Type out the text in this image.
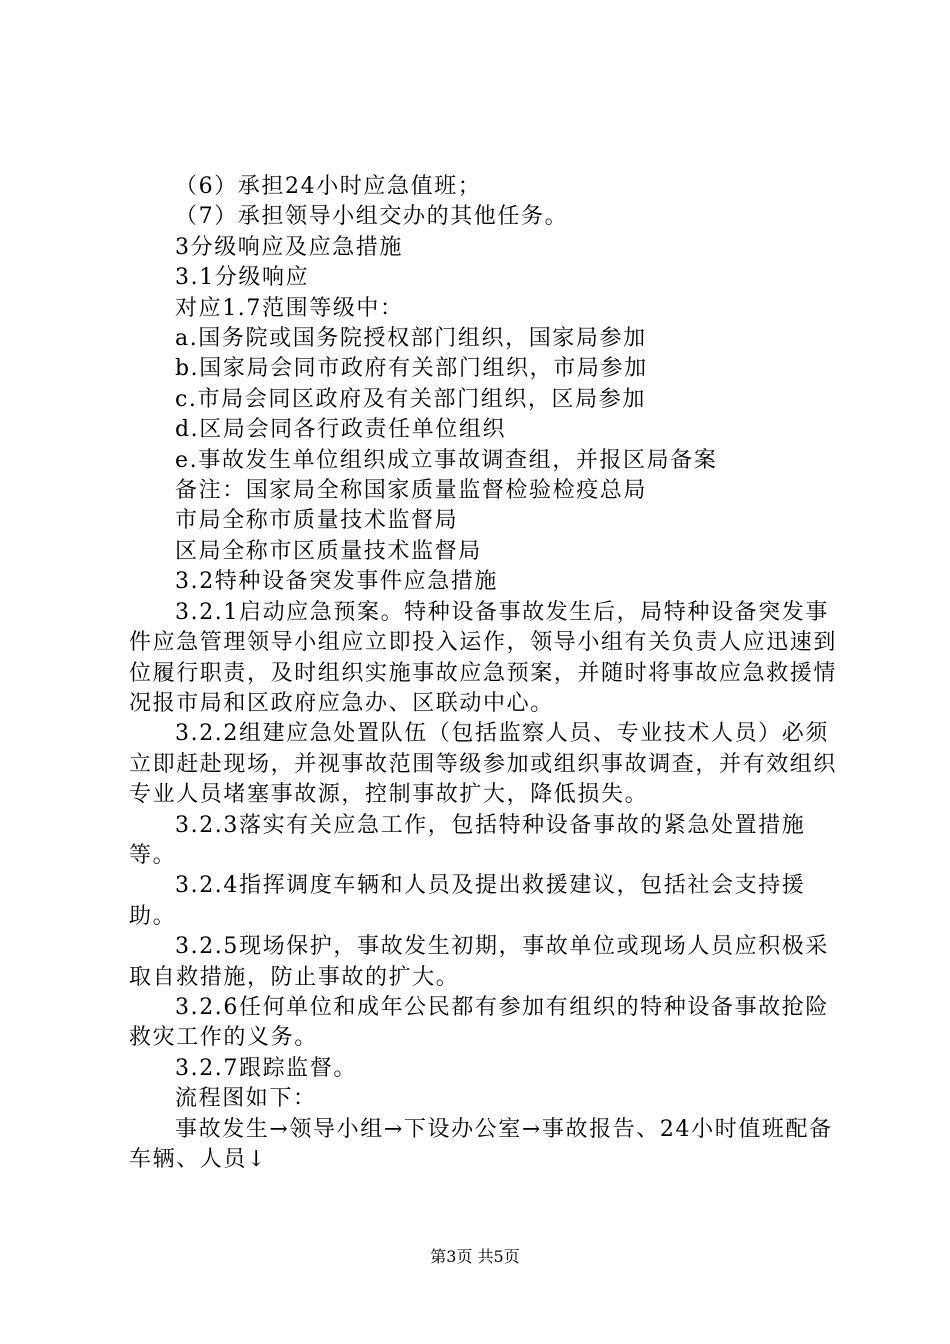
（6）承担24小时应急值班；

（7）承担领导小组交办的其他任务。

3分级响应及应急措施

3.1分级响应

对应1.7范围等级中：

a.国务院或国务院授权部门组织，国家局参加

b.国家局会同市政府有关部门组织，市局参加

c.市局会同区政府及有关部门组织，区局参加

d.区局会同各行政责任单位组织

e.事故发生单位组织成立事故调查组，并报区局备案

备注：国家局全称国家质量监督检验检疫总局

市局全称市质量技术监督局

区局全称市区质量技术监督局

3.2特种设备突发事件应急措施

3.2.1启动应急预案。特种设备事故发生后，局特种设备突发事件应急管理领导小组应立即投入运作，领导小组有关负责人应迅速到位履行职责，及时组织实施事故应急预案，并随时将事故应急救援情况报市局和区政府应急办、区联动中心。

3.2.2组建应急处置队伍（包括监察人员、专业技术人员）必须立即赶赴现场，并视事故范围等级参加或组织事故调查，并有效组织专业人员堵塞事故源，控制事故扩大，降低损失。

3.2.3落实有关应急工作，包括特种设备事故的紧急处置措施等。

3.2.4指挥调度车辆和人员及提出救援建议，包括社会支持援助。

3.2.5现场保护，事故发生初期，事故单位或现场人员应积极采取自救措施，防止事故的扩大。

3.2.6任何单位和成年公民都有参加有组织的特种设备事故抢险救灾工作的义务。

3.2.7跟踪监督。

流程图如下：

事故发生→领导小组→下设办公室→事故报告、24小时值班配备车辆、人员↓

第3页 共5页
